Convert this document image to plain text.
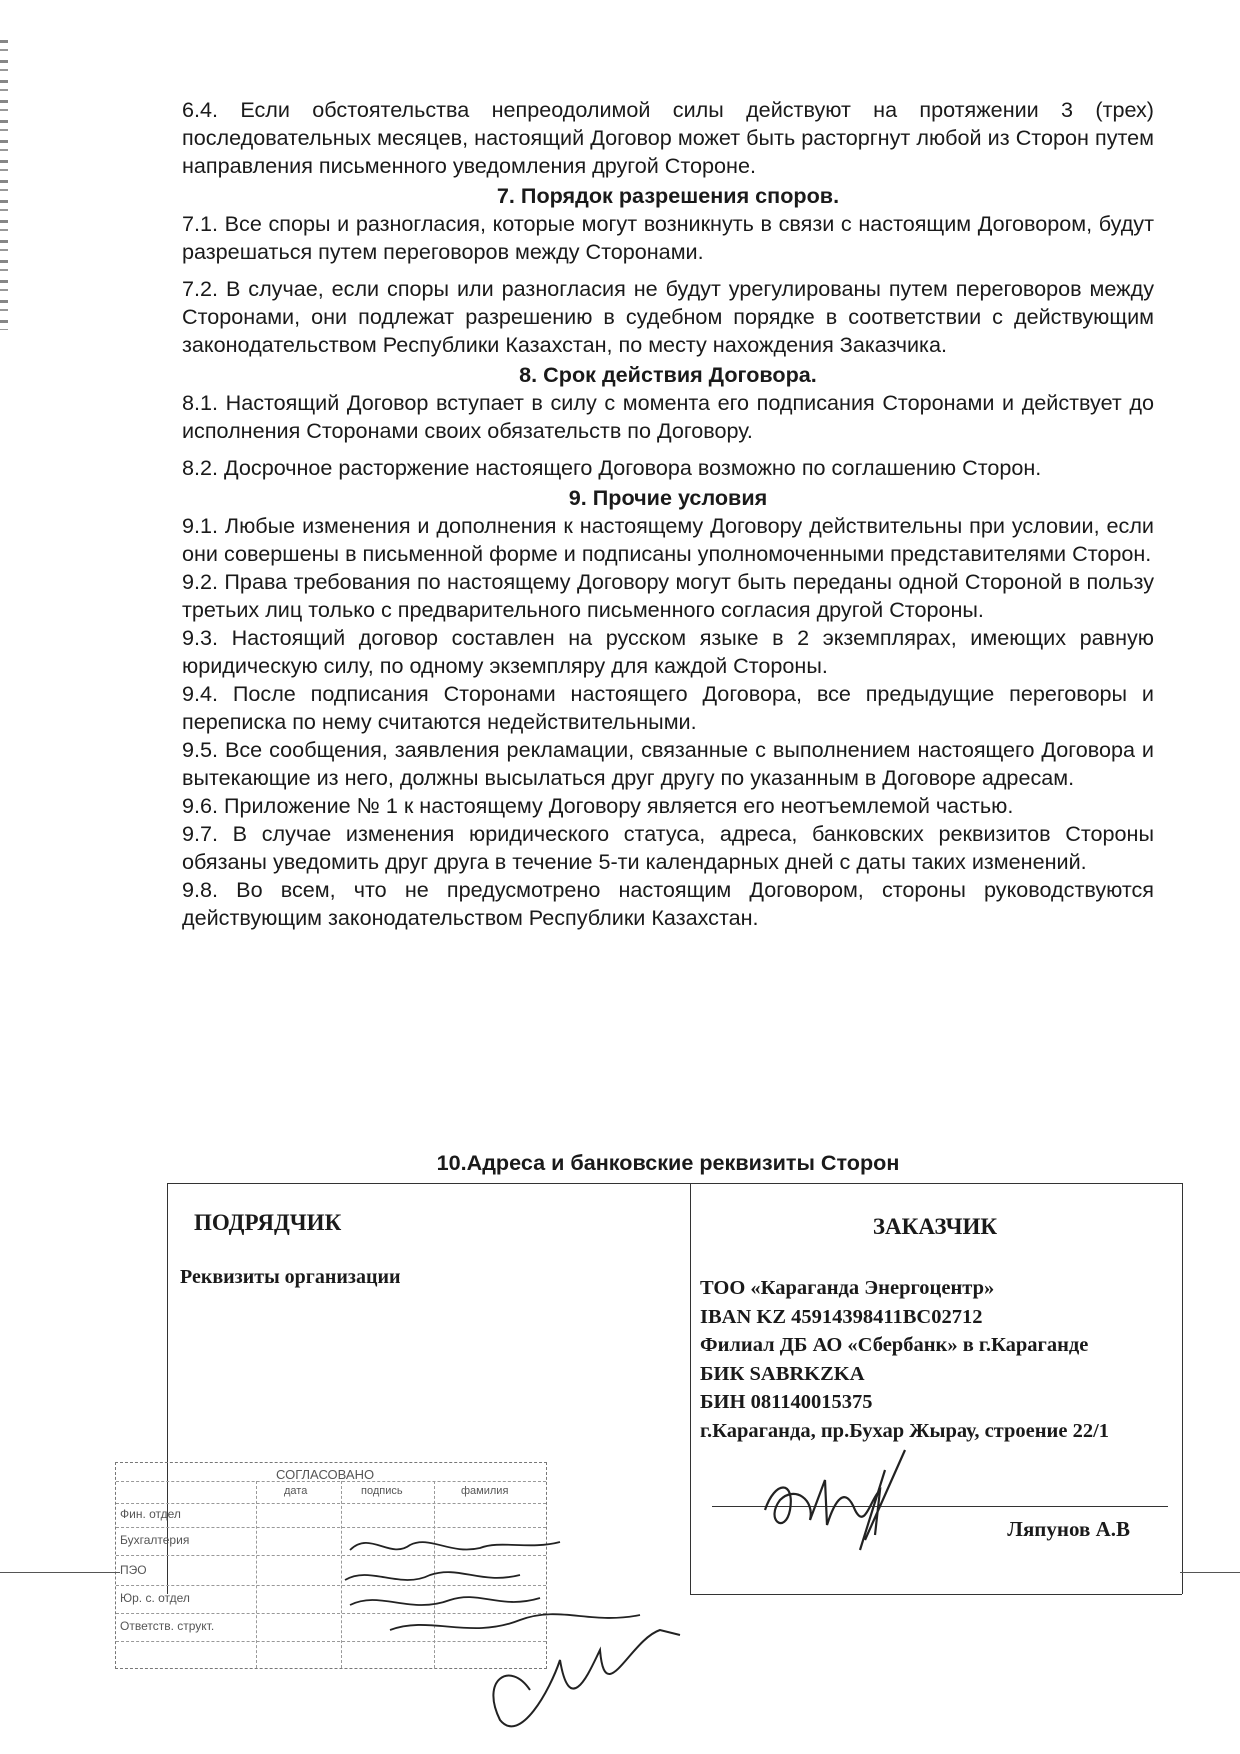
6.4. Если обстоятельства непреодолимой силы действуют на протяжении 3 (трех) последовательных месяцев, настоящий Договор может быть расторгнут любой из Сторон путем направления письменного уведомления другой Стороне.
7. Порядок разрешения споров.
7.1. Все споры и разногласия, которые могут возникнуть в связи с настоящим Договором, будут разрешаться путем переговоров между Сторонами.
7.2. В случае, если споры или разногласия не будут урегулированы путем переговоров между Сторонами, они подлежат разрешению в судебном порядке в соответствии с действующим законодательством Республики Казахстан, по месту нахождения Заказчика.
8. Срок действия Договора.
8.1. Настоящий Договор вступает в силу с момента его подписания Сторонами и действует до исполнения Сторонами своих обязательств по Договору.
8.2. Досрочное расторжение настоящего Договора возможно по соглашению Сторон.
9. Прочие условия
9.1. Любые изменения и дополнения к настоящему Договору действительны при условии, если они совершены в письменной форме и подписаны уполномоченными представителями Сторон.
9.2. Права требования по настоящему Договору могут быть переданы одной Стороной в пользу третьих лиц только с предварительного письменного согласия другой Стороны.
9.3. Настоящий договор составлен на русском языке в 2 экземплярах, имеющих равную юридическую силу, по одному экземпляру для каждой Стороны.
9.4. После подписания Сторонами настоящего Договора, все предыдущие переговоры и переписка по нему считаются недействительными.
9.5. Все сообщения, заявления рекламации, связанные с выполнением настоящего Договора и вытекающие из него, должны высылаться друг другу по указанным в Договоре адресам.
9.6. Приложение № 1 к настоящему Договору является его неотъемлемой частью.
9.7. В случае изменения юридического статуса, адреса, банковских реквизитов Стороны обязаны уведомить друг друга в течение 5-ти календарных дней с даты таких изменений.
9.8. Во всем, что не предусмотрено настоящим Договором, стороны руководствуются действующим законодательством Республики Казахстан.
10.Адреса и банковские реквизиты Сторон
ПОДРЯДЧИК
Реквизиты организации
ЗАКАЗЧИК
ТОО «Караганда Энергоцентр»
IBAN KZ 45914398411BC02712
Филиал ДБ АО «Сбербанк» в г.Караганде
БИК SABRKZKA
БИН 081140015375
г.Караганда, пр.Бухар Жырау, строение 22/1
Ляпунов А.В
СОГЛАСОВАНО
дата	подпись	фамилия
Фин. отдел
Бухгалтерия
ПЭО
Юр. с. отдел
Ответств. структ.
